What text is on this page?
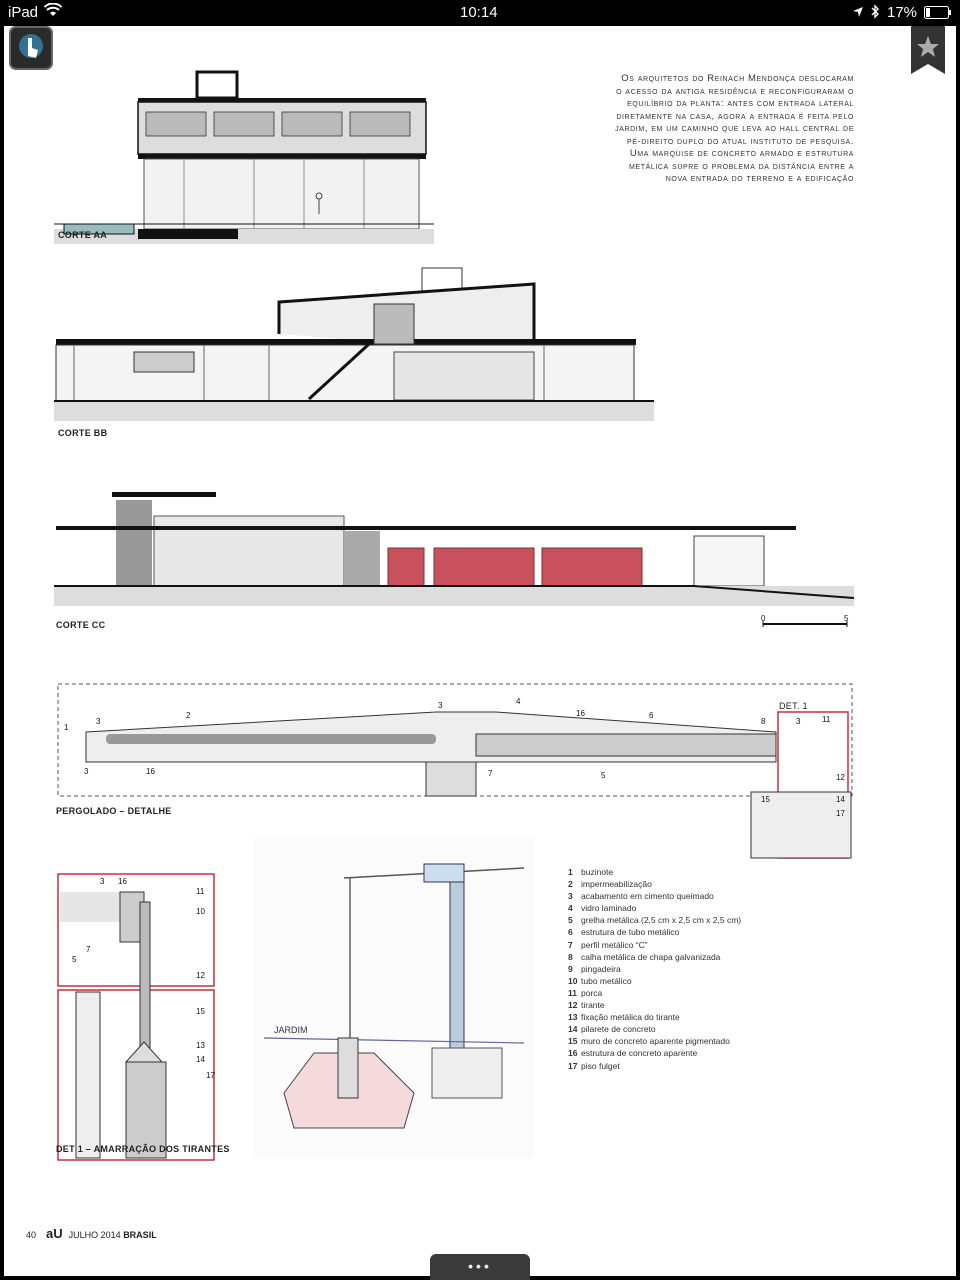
iPad	10:14	17%
Os arquitetos do Reinach Mendonça deslocaram o acesso da antiga residência e reconfiguraram o equilíbrio da planta: antes com entrada lateral diretamente na casa, agora a entrada é feita pelo jardim, em um caminho que leva ao hall central de pé-direito duplo do atual instituto de pesquisa. Uma marquise de concreto armado e estrutura metálica supre o problema da distância entre a nova entrada do terreno e a edificação
CORTE AA
CORTE BB
CORTE CC
0	5
1
3
2
3	16
3	4
16	6
7	5
8	3	11
12
15	14
17
DET. 1
PERGOLADO – DETALHE
3 16
11
10
7
5
12
15
13
14
17
DET 1 – AMARRAÇÃO DOS TIRANTES
JARDIM
1 buzinote
2 impermeabilização
3 acabamento em cimento queimado
4 vidro laminado
5 grelha metálica (2,5 cm x 2,5 cm x 2,5 cm)
6 estrutura de tubo metálico
7 perfil metálico “C”
8 calha metálica de chapa galvanizada
9 pingadeira
10 tubo metálico
11 porca
12 tirante
13 fixação metálica do tirante
14 pilarete de concreto
15 muro de concreto aparente pigmentado
16 estrutura de concreto aparente
17 piso fulget
40 aU JULHO 2014 BRASIL
•••
